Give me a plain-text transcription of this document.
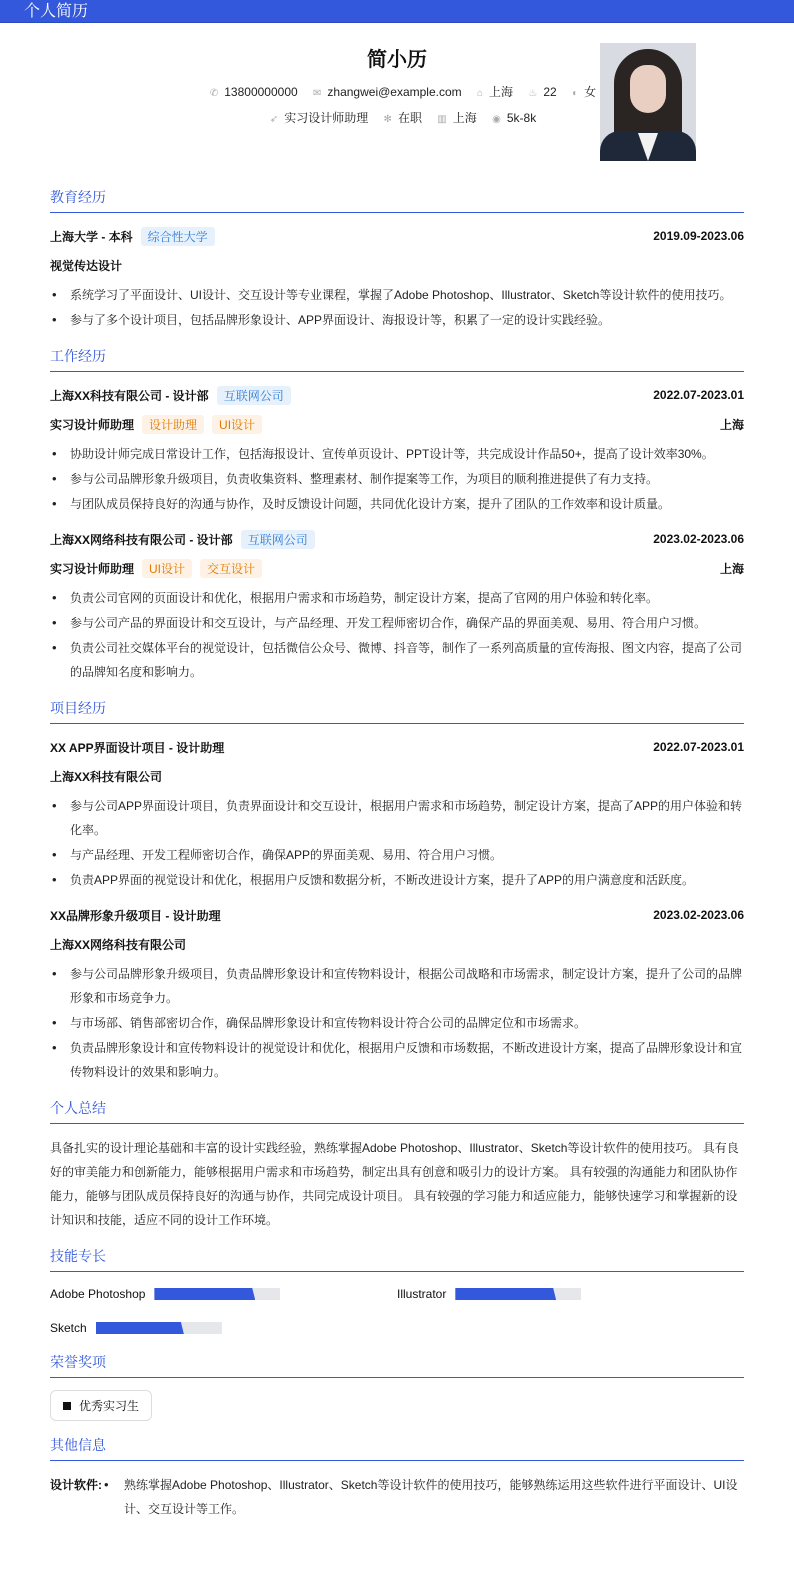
个人简历
简小历
✆ 13800000000 ✉ zhangwei@example.com ⌂ 上海 ♨ 22 ◐ 女
➶ 实习设计师助理 ✻ 在职 ▥ 上海 ◉ 5k-8k
教育经历
上海大学 - 本科 综合性大学	2019.09-2023.06
视觉传达设计
• 系统学习了平面设计、UI设计、交互设计等专业课程，掌握了Adobe Photoshop、Illustrator、Sketch等设计软件的使用技巧。
• 参与了多个设计项目，包括品牌形象设计、APP界面设计、海报设计等，积累了一定的设计实践经验。
工作经历
上海XX科技有限公司 - 设计部 互联网公司	2022.07-2023.01
实习设计师助理 设计助理 UI设计	上海
• 协助设计师完成日常设计工作，包括海报设计、宣传单页设计、PPT设计等，共完成设计作品50+，提高了设计效率30%。
• 参与公司品牌形象升级项目，负责收集资料、整理素材、制作提案等工作，为项目的顺利推进提供了有力支持。
• 与团队成员保持良好的沟通与协作，及时反馈设计问题，共同优化设计方案，提升了团队的工作效率和设计质量。
上海XX网络科技有限公司 - 设计部 互联网公司	2023.02-2023.06
实习设计师助理 UI设计 交互设计	上海
• 负责公司官网的页面设计和优化，根据用户需求和市场趋势，制定设计方案，提高了官网的用户体验和转化率。
• 参与公司产品的界面设计和交互设计，与产品经理、开发工程师密切合作，确保产品的界面美观、易用、符合用户习惯。
• 负责公司社交媒体平台的视觉设计，包括微信公众号、微博、抖音等，制作了一系列高质量的宣传海报、图文内容，提高了公司的品牌知名度和影响力。
项目经历
XX APP界面设计项目 - 设计助理	2022.07-2023.01
上海XX科技有限公司
• 参与公司APP界面设计项目，负责界面设计和交互设计，根据用户需求和市场趋势，制定设计方案，提高了APP的用户体验和转化率。
• 与产品经理、开发工程师密切合作，确保APP的界面美观、易用、符合用户习惯。
• 负责APP界面的视觉设计和优化，根据用户反馈和数据分析，不断改进设计方案，提升了APP的用户满意度和活跃度。
XX品牌形象升级项目 - 设计助理	2023.02-2023.06
上海XX网络科技有限公司
• 参与公司品牌形象升级项目，负责品牌形象设计和宣传物料设计，根据公司战略和市场需求，制定设计方案，提升了公司的品牌形象和市场竞争力。
• 与市场部、销售部密切合作，确保品牌形象设计和宣传物料设计符合公司的品牌定位和市场需求。
• 负责品牌形象设计和宣传物料设计的视觉设计和优化，根据用户反馈和市场数据，不断改进设计方案，提高了品牌形象设计和宣传物料设计的效果和影响力。
个人总结
具备扎实的设计理论基础和丰富的设计实践经验，熟练掌握Adobe Photoshop、Illustrator、Sketch等设计软件的使用技巧。 具有良好的审美能力和创新能力，能够根据用户需求和市场趋势，制定出具有创意和吸引力的设计方案。 具有较强的沟通能力和团队协作能力，能够与团队成员保持良好的沟通与协作，共同完成设计项目。 具有较强的学习能力和适应能力，能够快速学习和掌握新的设计知识和技能，适应不同的设计工作环境。
技能专长
Adobe Photoshop	Illustrator
Sketch
荣誉奖项
优秀实习生
其他信息
设计软件:	• 熟练掌握Adobe Photoshop、Illustrator、Sketch等设计软件的使用技巧，能够熟练运用这些软件进行平面设计、UI设计、交互设计等工作。
